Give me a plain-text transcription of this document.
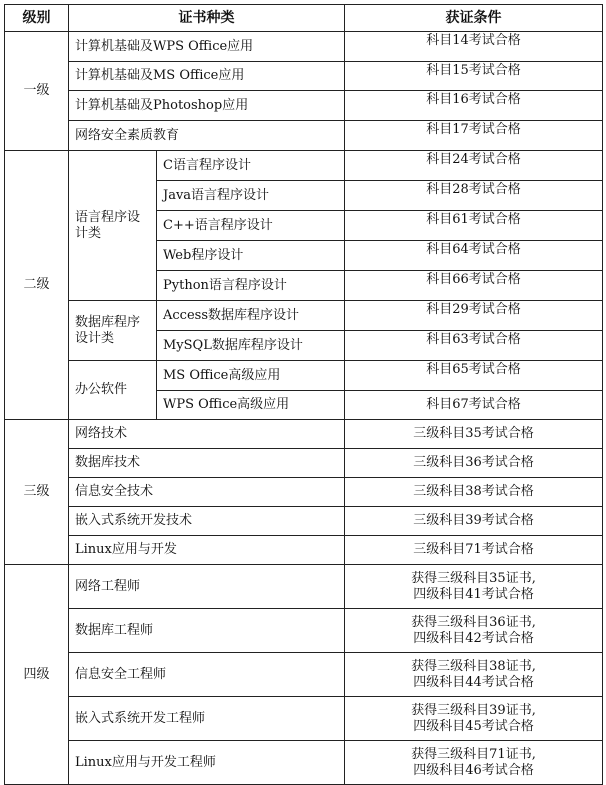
级别	证书种类		获证条件
一级	计算机基础及WPS Office应用		科目14考试合格
	计算机基础及MS Office应用		科目15考试合格
	计算机基础及Photoshop应用		科目16考试合格
	网络安全素质教育		科目17考试合格
二级	语言程序设计类	C语言程序设计	科目24考试合格
		Java语言程序设计	科目28考试合格
		C++语言程序设计	科目61考试合格
		Web程序设计	科目64考试合格
		Python语言程序设计	科目66考试合格
	数据库程序设计类	Access数据库程序设计	科目29考试合格
		MySQL数据库程序设计	科目63考试合格
	办公软件	MS Office高级应用	科目65考试合格
		WPS Office高级应用	科目67考试合格
三级	网络技术		三级科目35考试合格
	数据库技术		三级科目36考试合格
	信息安全技术		三级科目38考试合格
	嵌入式系统开发技术		三级科目39考试合格
	Linux应用与开发		三级科目71考试合格
四级	网络工程师		获得三级科目35证书,
四级科目41考试合格

	数据库工程师		获得三级科目36证书,
四级科目42考试合格

	信息安全工程师		获得三级科目38证书,
四级科目44考试合格

	嵌入式系统开发工程师		获得三级科目39证书,
四级科目45考试合格

	Linux应用与开发工程师		获得三级科目71证书,
四级科目46考试合格
